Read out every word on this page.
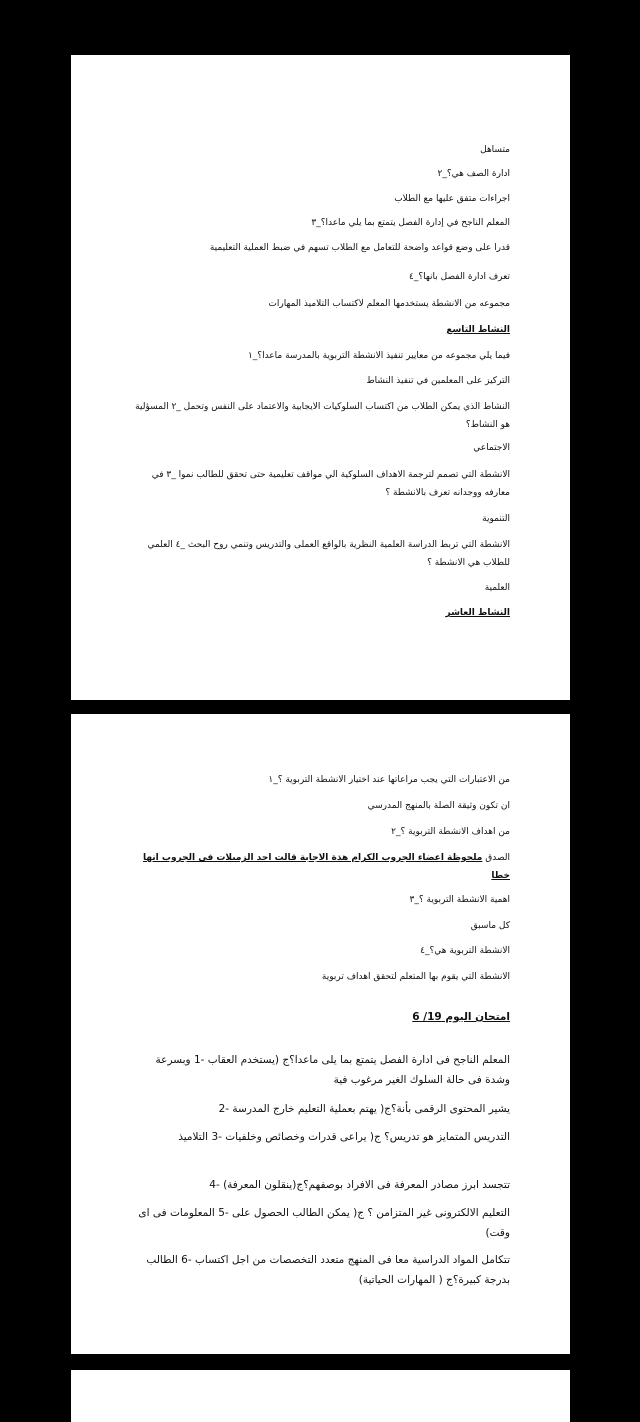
متساهل
ادارة الصف هي؟_٢
اجراءات متفق عليها مع الطلاب
المعلم الناجح في إدارة الفصل يتمتع بما يلي ماعدا؟_٣
قدرا على وضع قواعد واضحة للتعامل مع الطلاب تسهم في ضبط العملية التعليمية
تعرف ادارة الفصل بانها؟_٤
مجموعه من الانشطة يستخدمها المعلم لاكتساب التلاميذ المهارات
النشاط التاسع
فيما يلي مجموعه من معايير تنفيذ الانشطة التربوية بالمدرسة ماعدا؟_١
التركيز على المعلمين في تنفيذ النشاط
النشاط الذي يمكن الطلاب من اكتساب السلوكيات الايجابية والاعتماد على النفس وتحمل _٢ المسؤلية هو النشاط؟
الاجتماعي
الانشطة التي تصمم لترجمة الاهداف السلوكية الي مواقف تعليمية حتى تحقق للطالب نموا _٣ في معارفه ووجدانه تعرف بالانشطة ؟
التنموية
الانشطة التي تربط الدراسة العلمية النظرية بالواقع العملى والتدريس وتنمي روح البحث _٤ العلمي للطلاب هي الانشطة ؟
العلمية
النشاط العاشر
من الاعتبارات التي يجب مراعاتها عند اختيار الانشطة التربوية ؟_١
ان تكون وثيقة الصلة بالمنهج المدرسي
من اهداف الانشطة التربوية ؟_٢
الصدق ملحوظة اعضاء الجروب الكرام هذة الاجابة قالت احد الزميلات فى الجروب انها خطا
اهمية الانشطة التربوية ؟_٣
كل ماسبق
الانشطة التربوية هي؟_٤
الانشطة التي يقوم بها المتعلم لتحقق اهداف تربوية
امتحان اليوم 19/ 6
المعلم الناجح فى ادارة الفصل يتمتع بما يلى ماعدا؟ج (يستخدم العقاب -1 وبسرعة وشدة فى حالة السلوك الغير مرغوب فية
يشير المحتوى الرقمى بأنة؟ج( يهتم بعملية التعليم خارج المدرسة -2
التدريس المتمايز هو تدريس؟ ج( يراعى قدرات وخصائص وخلفيات -3 التلاميذ
تتجسد ابرز مصادر المعرفة فى الافراد بوصفهم؟ج(ينقلون المعرفة) -4
التعليم الالكترونى غير المتزامن ؟ ج( يمكن الطالب الحصول على -5 المعلومات فى اى وقت)
تتكامل المواد الدراسية معا فى المنهج متعدد التخصصات من اجل اكتساب -6 الطالب بدرجة كبيرة؟ج ( المهارات الحياتية)
